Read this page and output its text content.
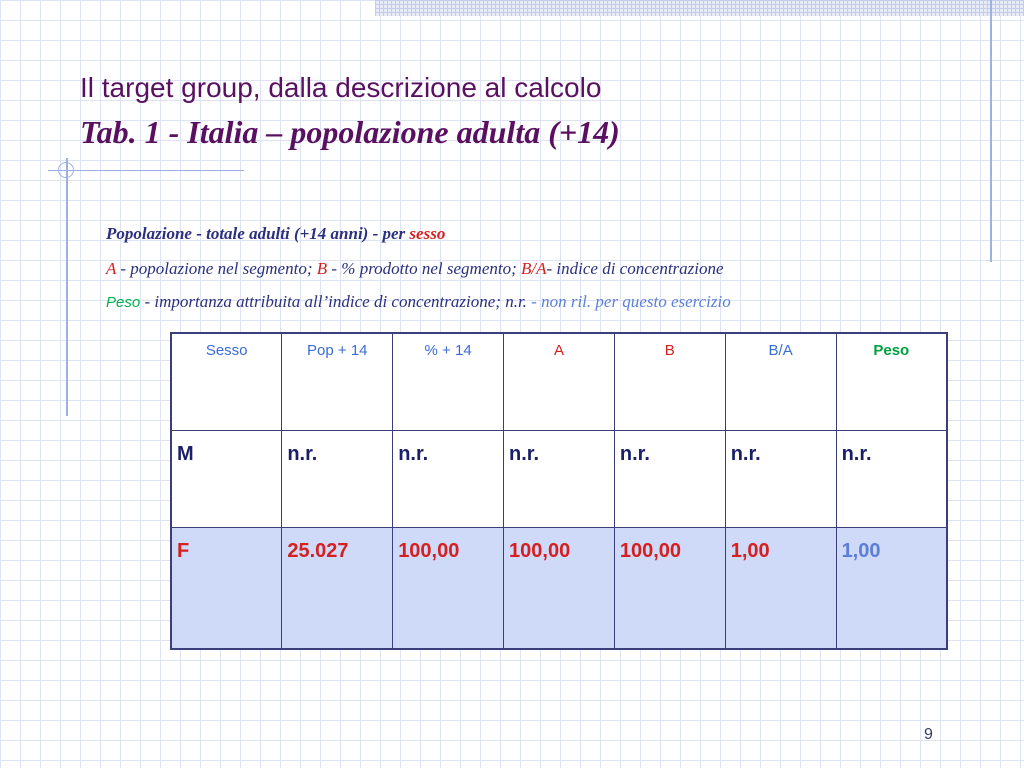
Il target group, dalla descrizione al calcolo
Tab. 1 - Italia – popolazione adulta (+14)

Popolazione - totale adulti (+14 anni) - per sesso

A - popolazione nel segmento; B - % prodotto nel segmento; B/A- indice di concentrazione

Peso - importanza attribuita all’indice di concentrazione; n.r. - non ril. per questo esercizio

Sesso	Pop + 14	% + 14	A	B	B/A	Peso
M	n.r.	n.r.	n.r.	n.r.	n.r.	n.r.
F	25.027	100,00	100,00	100,00	1,00	1,00
9
